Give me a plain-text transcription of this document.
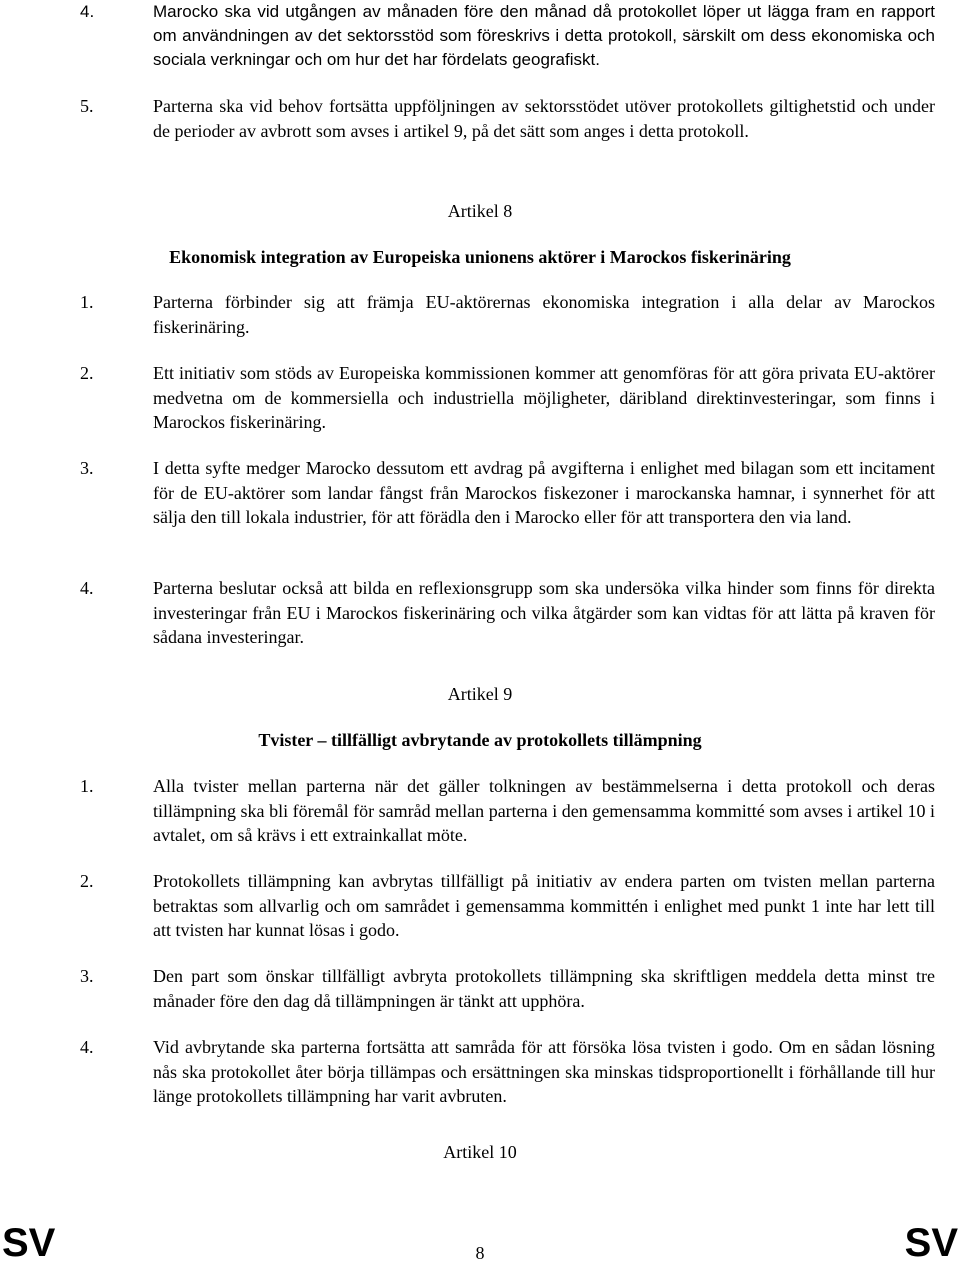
4.	Marocko ska vid utgången av månaden före den månad då protokollet löper ut lägga fram en rapport om användningen av det sektorsstöd som föreskrivs i detta protokoll, särskilt om dess ekonomiska och sociala verkningar och om hur det har fördelats geografiskt.
5.	Parterna ska vid behov fortsätta uppföljningen av sektorsstödet utöver protokollets giltighetstid och under de perioder av avbrott som avses i artikel 9, på det sätt som anges i detta protokoll.
Artikel 8
Ekonomisk integration av Europeiska unionens aktörer i Marockos fiskerinäring
1.	Parterna förbinder sig att främja EU-aktörernas ekonomiska integration i alla delar av Marockos fiskerinäring.
2.	Ett initiativ som stöds av Europeiska kommissionen kommer att genomföras för att göra privata EU-aktörer medvetna om de kommersiella och industriella möjligheter, däribland direktinvesteringar, som finns i Marockos fiskerinäring.
3.	I detta syfte medger Marocko dessutom ett avdrag på avgifterna i enlighet med bilagan som ett incitament för de EU-aktörer som landar fångst från Marockos fiskezoner i marockanska hamnar, i synnerhet för att sälja den till lokala industrier, för att förädla den i Marocko eller för att transportera den via land.
4.	Parterna beslutar också att bilda en reflexionsgrupp som ska undersöka vilka hinder som finns för direkta investeringar från EU i Marockos fiskerinäring och vilka åtgärder som kan vidtas för att lätta på kraven för sådana investeringar.
Artikel 9
Tvister – tillfälligt avbrytande av protokollets tillämpning
1.	Alla tvister mellan parterna när det gäller tolkningen av bestämmelserna i detta protokoll och deras tillämpning ska bli föremål för samråd mellan parterna i den gemensamma kommitté som avses i artikel 10 i avtalet, om så krävs i ett extrainkallat möte.
2.	Protokollets tillämpning kan avbrytas tillfälligt på initiativ av endera parten om tvisten mellan parterna betraktas som allvarlig och om samrådet i gemensamma kommittén i enlighet med punkt 1 inte har lett till att tvisten har kunnat lösas i godo.
3.	Den part som önskar tillfälligt avbryta protokollets tillämpning ska skriftligen meddela detta minst tre månader före den dag då tillämpningen är tänkt att upphöra.
4.	Vid avbrytande ska parterna fortsätta att samråda för att försöka lösa tvisten i godo. Om en sådan lösning nås ska protokollet åter börja tillämpas och ersättningen ska minskas tidsproportionellt i förhållande till hur länge protokollets tillämpning har varit avbruten.
Artikel 10
SV	8	SV
